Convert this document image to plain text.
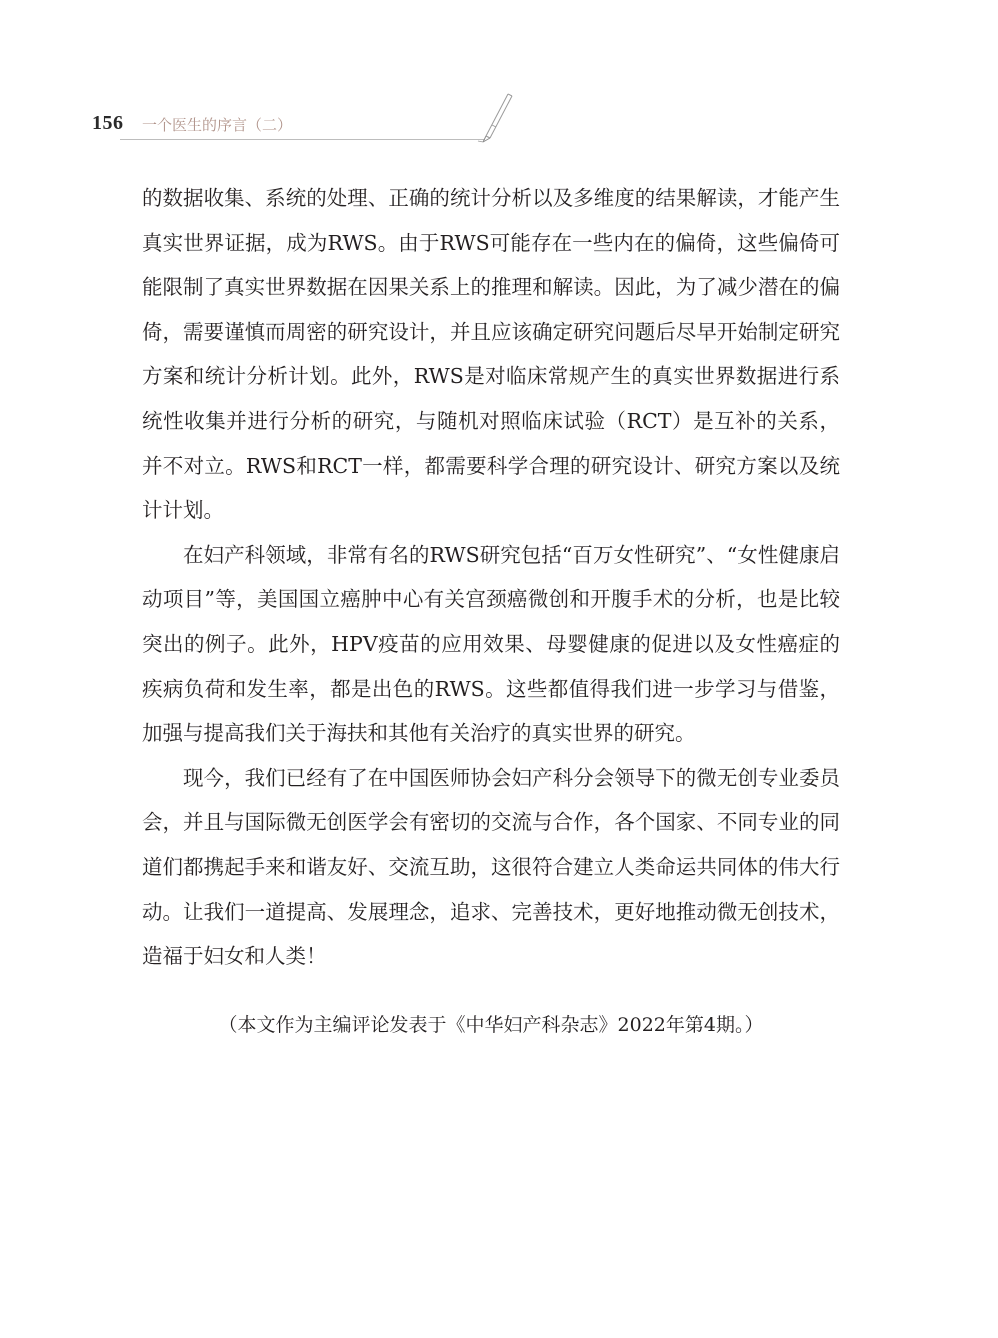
156 一个医生的序言（二）

的数据收集、系统的处理、正确的统计分析以及多维度的结果解读，才能产生真实世界证据，成为RWS。由于RWS可能存在一些内在的偏倚，这些偏倚可能限制了真实世界数据在因果关系上的推理和解读。因此，为了减少潜在的偏倚，需要谨慎而周密的研究设计，并且应该确定研究问题后尽早开始制定研究方案和统计分析计划。此外，RWS是对临床常规产生的真实世界数据进行系统性收集并进行分析的研究，与随机对照临床试验（RCT）是互补的关系，并不对立。RWS和RCT一样，都需要科学合理的研究设计、研究方案以及统计计划。

在妇产科领域，非常有名的RWS研究包括“百万女性研究”、“女性健康启动项目”等，美国国立癌肿中心有关宫颈癌微创和开腹手术的分析，也是比较突出的例子。此外，HPV疫苗的应用效果、母婴健康的促进以及女性癌症的疾病负荷和发生率，都是出色的RWS。这些都值得我们进一步学习与借鉴，加强与提高我们关于海扶和其他有关治疗的真实世界的研究。

现今，我们已经有了在中国医师协会妇产科分会领导下的微无创专业委员会，并且与国际微无创医学会有密切的交流与合作，各个国家、不同专业的同道们都携起手来和谐友好、交流互助，这很符合建立人类命运共同体的伟大行动。让我们一道提高、发展理念，追求、完善技术，更好地推动微无创技术，造福于妇女和人类！

（本文作为主编评论发表于《中华妇产科杂志》2022年第4期。）
